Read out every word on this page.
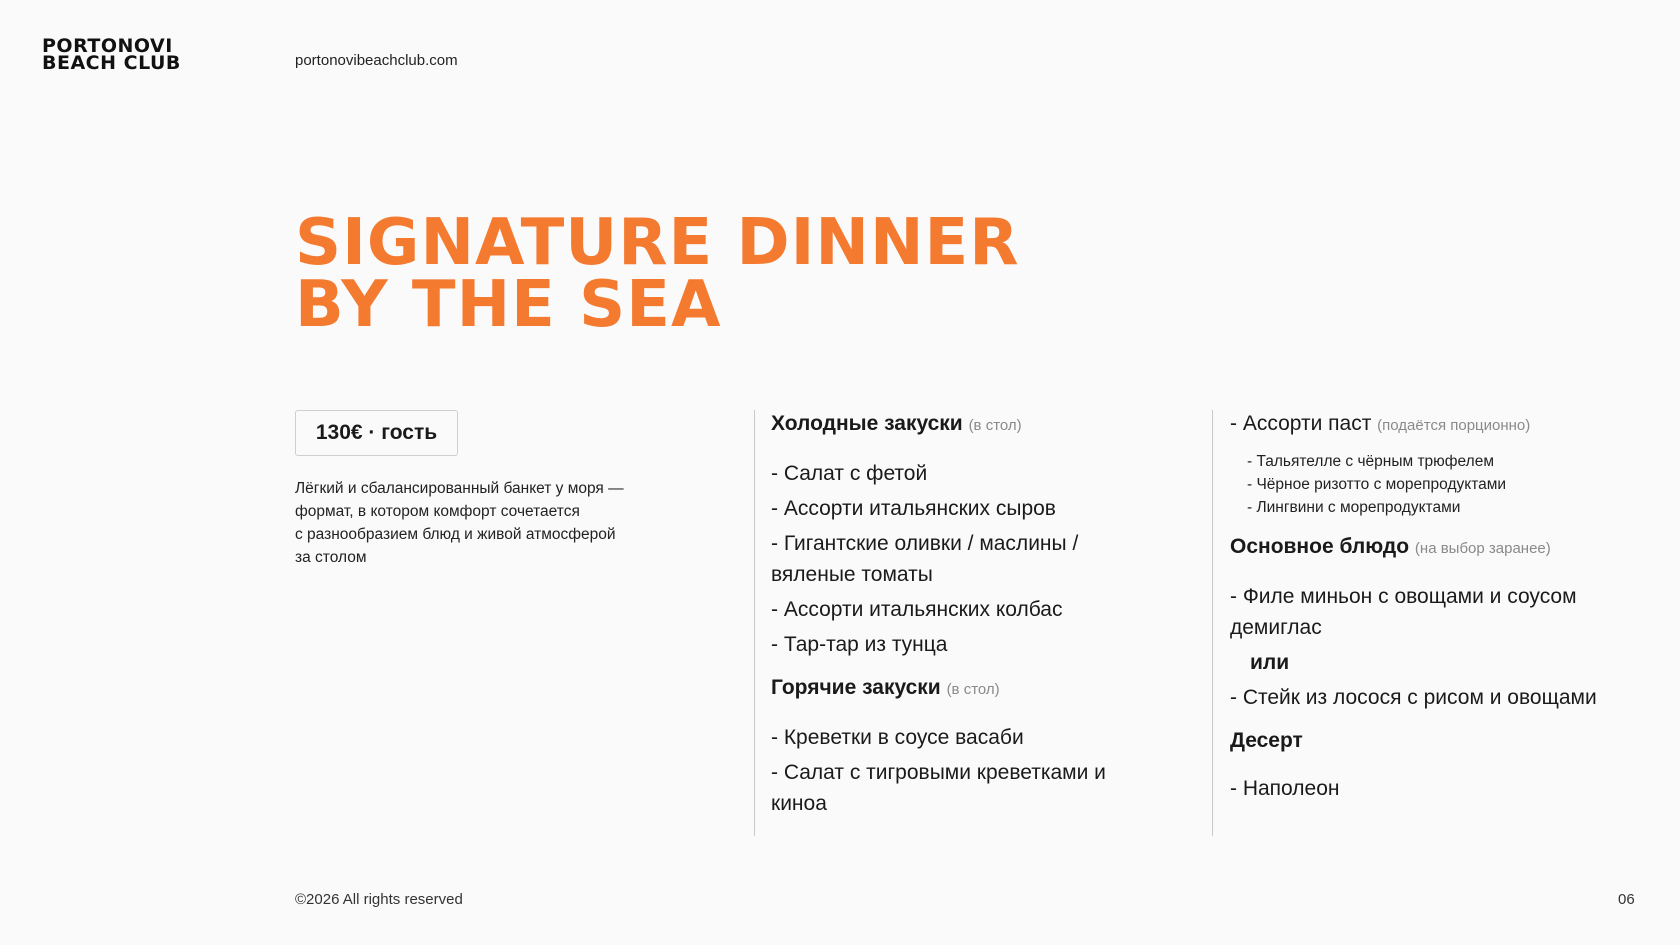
PORTONOVI
BEACH CLUB	portonovibeachclub.com
SIGNATURE DINNER
BY THE SEA
130€ · гость
Лёгкий и сбалансированный банкет у моря —
формат, в котором комфорт сочетается
с разнообразием блюд и живой атмосферой
за столом
Холодные закуски (в стол)
- Салат с фетой
- Ассорти итальянских сыров
- Гигантские оливки / маслины / вяленые томаты
- Ассорти итальянских колбас
- Тар-тар из тунца
Горячие закуски (в стол)
- Креветки в соусе васаби
- Салат с тигровыми креветками и киноа
- Ассорти паст (подаётся порционно)
- Тальятелле с чёрным трюфелем
- Чёрное ризотто с морепродуктами
- Лингвини с морепродуктами
Основное блюдо (на выбор заранее)
- Филе миньон с овощами и соусом демиглас
или
- Стейк из лосося с рисом и овощами
Десерт
- Наполеон
©2026 All rights reserved	06
